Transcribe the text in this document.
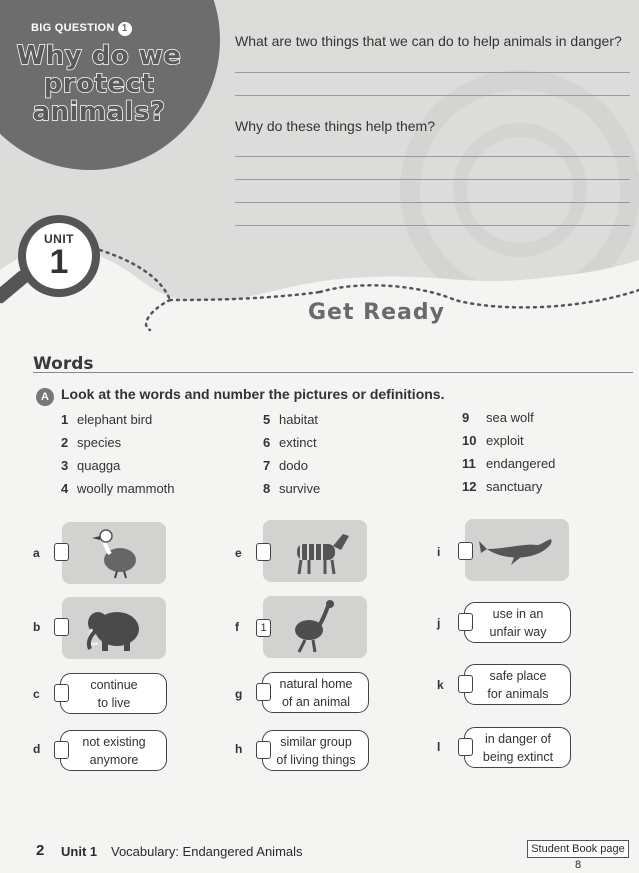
BIG QUESTION 1
Why do we protect animals?
What are two things that we can do to help animals in danger?
Why do these things help them?
UNIT
1
Get Ready
Words
A Look at the words and number the pictures or definitions.
1 elephant bird
2 species
3 quagga
4 woolly mammoth
5 habitat
6 extinct
7 dodo
8 survive
9 sea wolf
10 exploit
11 endangered
12 sanctuary
a
b
c
continue
to live
d	not existing
anymore
e
f	1
g
natural home
of an animal
h	similar group
of living things
i
j
use in an
unfair way
k
safe place
for animals
l
in danger of
being extinct
2 Unit 1 Vocabulary: Endangered Animals	Student Book page 8
